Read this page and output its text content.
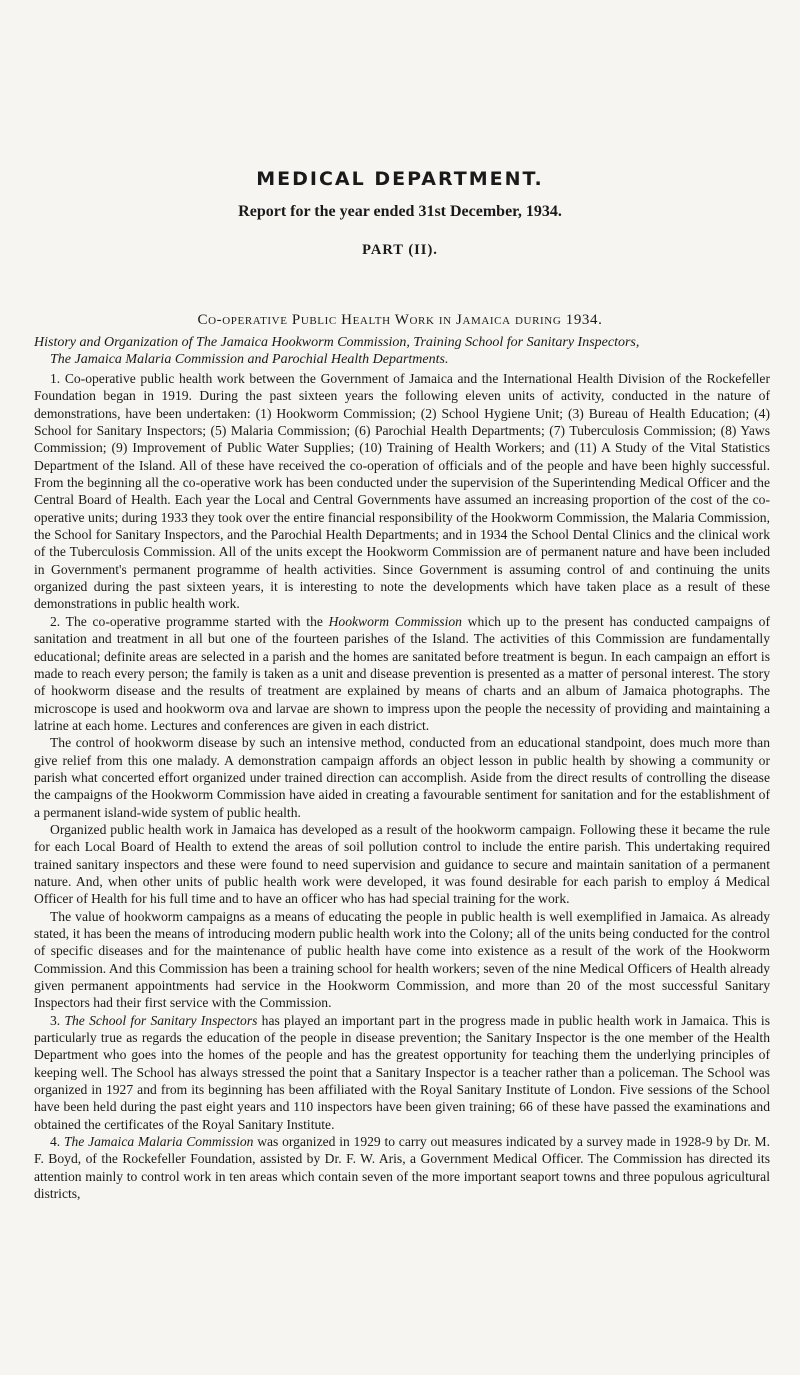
MEDICAL DEPARTMENT.
Report for the year ended 31st December, 1934.
PART (II).
Co-operative Public Health Work in Jamaica during 1934.
History and Organization of The Jamaica Hookworm Commission, Training School for Sanitary Inspectors,
The Jamaica Malaria Commission and Parochial Health Departments.

1. Co-operative public health work between the Government of Jamaica and the International Health Division of the Rockefeller Foundation began in 1919. During the past sixteen years the following eleven units of activity, conducted in the nature of demonstrations, have been undertaken: (1) Hookworm Commission; (2) School Hygiene Unit; (3) Bureau of Health Education; (4) School for Sanitary Inspectors; (5) Malaria Commission; (6) Parochial Health Departments; (7) Tuberculosis Commission; (8) Yaws Commission; (9) Improvement of Public Water Supplies; (10) Training of Health Workers; and (11) A Study of the Vital Statistics Department of the Island. All of these have received the co-operation of officials and of the people and have been highly successful. From the beginning all the co-operative work has been conducted under the supervision of the Superintending Medical Officer and the Central Board of Health. Each year the Local and Central Governments have assumed an increasing proportion of the cost of the co-operative units; during 1933 they took over the entire financial responsibility of the Hookworm Commission, the Malaria Commission, the School for Sanitary Inspectors, and the Parochial Health Departments; and in 1934 the School Dental Clinics and the clinical work of the Tuberculosis Commission. All of the units except the Hookworm Commission are of permanent nature and have been included in Government's permanent programme of health activities. Since Government is assuming control of and continuing the units organized during the past sixteen years, it is interesting to note the developments which have taken place as a result of these demonstrations in public health work.

2. The co-operative programme started with the Hookworm Commission which up to the present has conducted campaigns of sanitation and treatment in all but one of the fourteen parishes of the Island. The activities of this Commission are fundamentally educational; definite areas are selected in a parish and the homes are sanitated before treatment is begun. In each campaign an effort is made to reach every person; the family is taken as a unit and disease prevention is presented as a matter of personal interest. The story of hookworm disease and the results of treatment are explained by means of charts and an album of Jamaica photographs. The microscope is used and hookworm ova and larvae are shown to impress upon the people the necessity of providing and maintaining a latrine at each home. Lectures and conferences are given in each district.

The control of hookworm disease by such an intensive method, conducted from an educational standpoint, does much more than give relief from this one malady. A demonstration campaign affords an object lesson in public health by showing a community or parish what concerted effort organized under trained direction can accomplish. Aside from the direct results of controlling the disease the campaigns of the Hookworm Commission have aided in creating a favourable sentiment for sanitation and for the establishment of a permanent island-wide system of public health.

Organized public health work in Jamaica has developed as a result of the hookworm campaign. Following these it became the rule for each Local Board of Health to extend the areas of soil pollution control to include the entire parish. This undertaking required trained sanitary inspectors and these were found to need supervision and guidance to secure and maintain sanitation of a permanent nature. And, when other units of public health work were developed, it was found desirable for each parish to employ á Medical Officer of Health for his full time and to have an officer who has had special training for the work.

The value of hookworm campaigns as a means of educating the people in public health is well exemplified in Jamaica. As already stated, it has been the means of introducing modern public health work into the Colony; all of the units being conducted for the control of specific diseases and for the maintenance of public health have come into existence as a result of the work of the Hookworm Commission. And this Commission has been a training school for health workers; seven of the nine Medical Officers of Health already given permanent appointments had service in the Hookworm Commission, and more than 20 of the most successful Sanitary Inspectors had their first service with the Commission.

3. The School for Sanitary Inspectors has played an important part in the progress made in public health work in Jamaica. This is particularly true as regards the education of the people in disease prevention; the Sanitary Inspector is the one member of the Health Department who goes into the homes of the people and has the greatest opportunity for teaching them the underlying principles of keeping well. The School has always stressed the point that a Sanitary Inspector is a teacher rather than a policeman. The School was organized in 1927 and from its beginning has been affiliated with the Royal Sanitary Institute of London. Five sessions of the School have been held during the past eight years and 110 inspectors have been given training; 66 of these have passed the examinations and obtained the certificates of the Royal Sanitary Institute.

4. The Jamaica Malaria Commission was organized in 1929 to carry out measures indicated by a survey made in 1928-9 by Dr. M. F. Boyd, of the Rockefeller Foundation, assisted by Dr. F. W. Aris, a Government Medical Officer. The Commission has directed its attention mainly to control work in ten areas which contain seven of the more important seaport towns and three populous agricultural districts,
